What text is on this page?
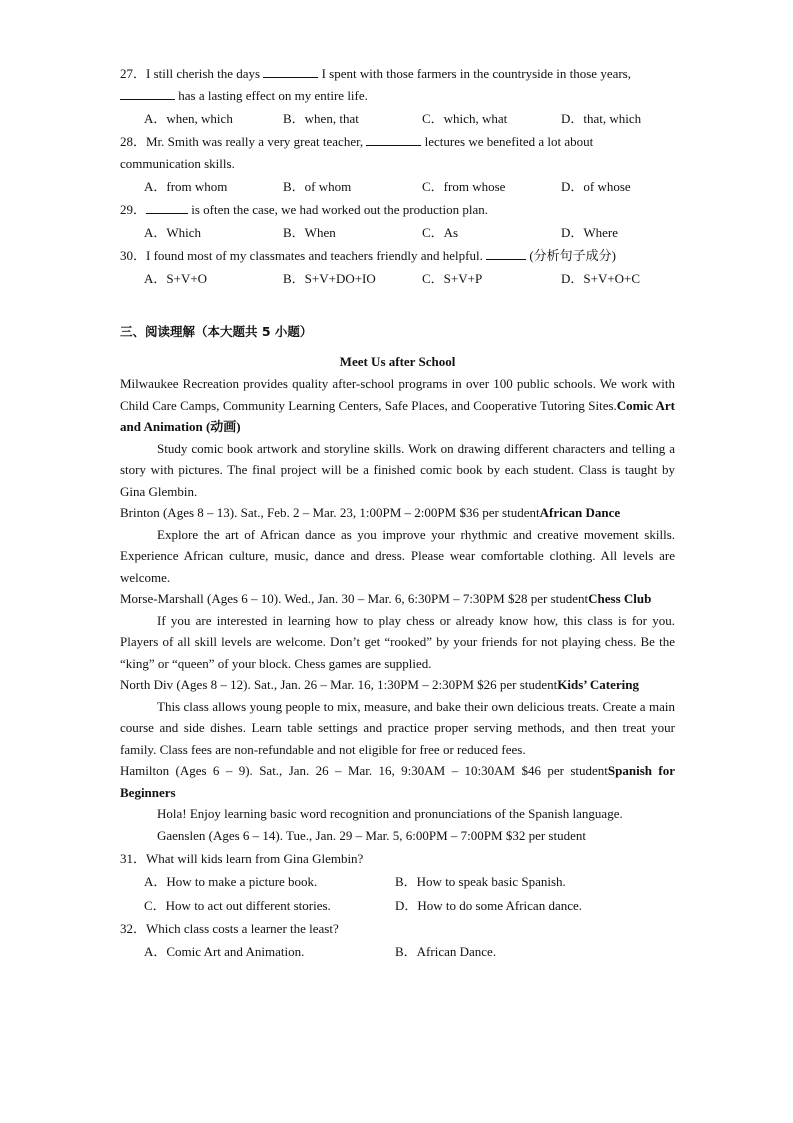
27．I still cherish the days	I spent with those farmers in the countryside in those years,
has a lasting effect on my entire life.
A．when, which	B．when, that	C．which, what	D．that, which
28．Mr. Smith was really a very great teacher,	lectures we benefited a lot about
communication skills.
A．from whom	B．of whom	C．from whose	D．of whose
29．	is often the case, we had worked out the production plan.
A．Which	B．When	C．As	D．Where
30．I found most of my classmates and teachers friendly and helpful.	(分析句子成分)
A．S+V+O	B．S+V+DO+IO	C．S+V+P	D．S+V+O+C
三、阅读理解（本大题共 5 小题）
Meet Us after School
Milwaukee Recreation provides quality after-school programs in over 100 public schools. We work with Child Care Camps, Community Learning Centers, Safe Places, and Cooperative Tutoring Sites.Comic Art and Animation (动画)
Study comic book artwork and storyline skills. Work on drawing different characters and telling a story with pictures. The final project will be a finished comic book by each student. Class is taught by Gina Glembin.
Brinton (Ages 8 – 13). Sat., Feb. 2 – Mar. 23, 1:00PM – 2:00PM $36 per studentAfrican Dance
Explore the art of African dance as you improve your rhythmic and creative movement skills. Experience African culture, music, dance and dress. Please wear comfortable clothing. All levels are welcome.
Morse-Marshall (Ages 6 – 10). Wed., Jan. 30 – Mar. 6, 6:30PM – 7:30PM $28 per studentChess Club
If you are interested in learning how to play chess or already know how, this class is for you. Players of all skill levels are welcome. Don’t get “rooked” by your friends for not playing chess. Be the “king” or “queen” of your block. Chess games are supplied.
North Div (Ages 8 – 12). Sat., Jan. 26 – Mar. 16, 1:30PM – 2:30PM $26 per studentKids’ Catering
This class allows young people to mix, measure, and bake their own delicious treats. Create a main course and side dishes. Learn table settings and practice proper serving methods, and then treat your family. Class fees are non-refundable and not eligible for free or reduced fees.
Hamilton (Ages 6 – 9). Sat., Jan. 26 – Mar. 16, 9:30AM – 10:30AM $46 per studentSpanish for Beginners
Hola! Enjoy learning basic word recognition and pronunciations of the Spanish language.
Gaenslen (Ages 6 – 14). Tue., Jan. 29 – Mar. 5, 6:00PM – 7:00PM $32 per student
31．What will kids learn from Gina Glembin?
A．How to make a picture book.	B．How to speak basic Spanish.
C．How to act out different stories.	D．How to do some African dance.
32．Which class costs a learner the least?
A．Comic Art and Animation.	B．African Dance.
